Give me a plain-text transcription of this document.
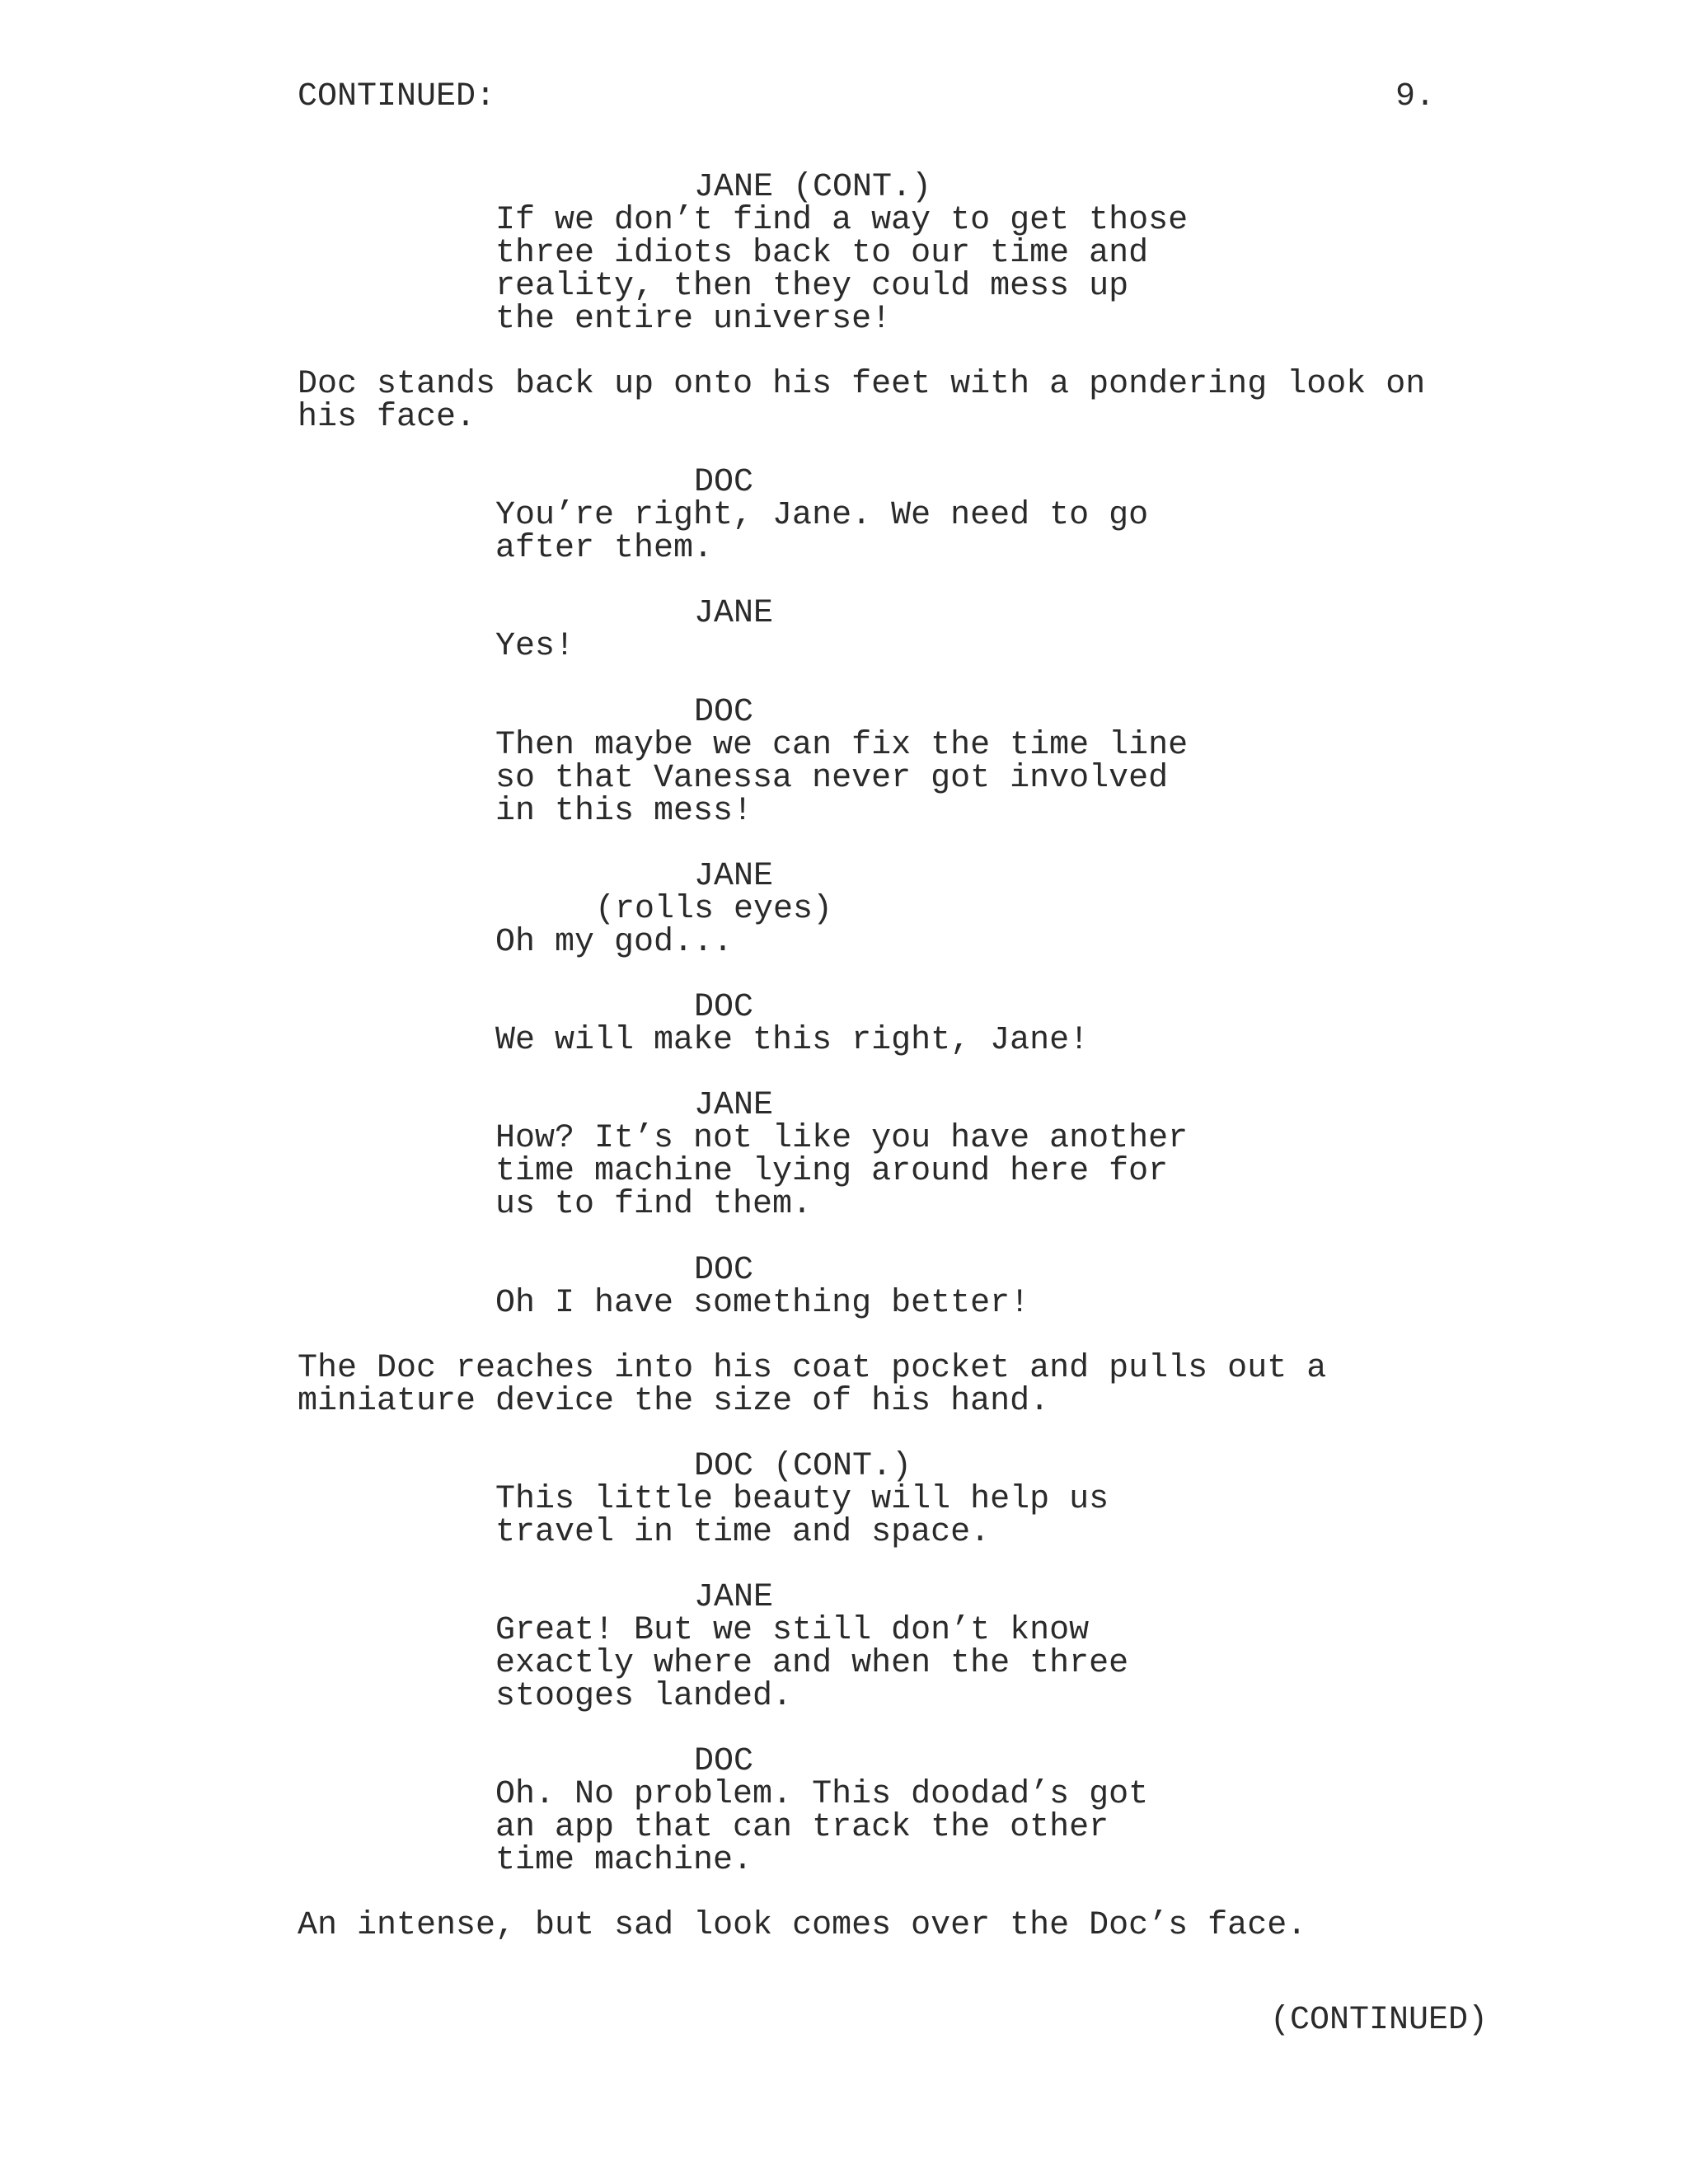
CONTINUED:	9.
JANE (CONT.)
If we don’t find a way to get those
three idiots back to our time and
reality, then they could mess up
the entire universe!
Doc stands back up onto his feet with a pondering look on
his face.
DOC
You’re right, Jane. We need to go
after them.
JANE
Yes!
DOC
Then maybe we can fix the time line
so that Vanessa never got involved
in this mess!
JANE
(rolls eyes)
Oh my god...
DOC
We will make this right, Jane!
JANE
How? It’s not like you have another
time machine lying around here for
us to find them.
DOC
Oh I have something better!
The Doc reaches into his coat pocket and pulls out a
miniature device the size of his hand.
DOC (CONT.)
This little beauty will help us
travel in time and space.
JANE
Great! But we still don’t know
exactly where and when the three
stooges landed.
DOC
Oh. No problem. This doodad’s got
an app that can track the other
time machine.
An intense, but sad look comes over the Doc’s face.
(CONTINUED)
